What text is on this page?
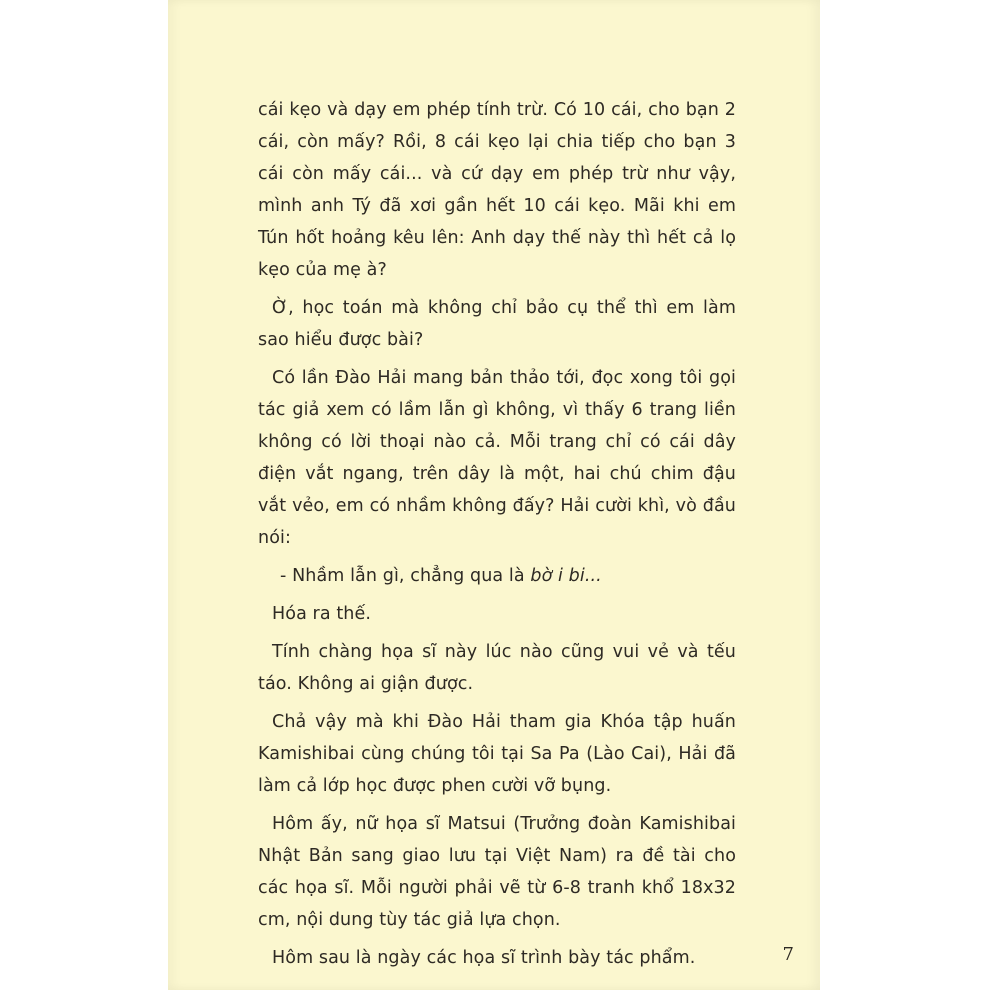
cái kẹo và dạy em phép tính trừ. Có 10 cái, cho bạn 2 cái, còn mấy? Rồi, 8 cái kẹo lại chia tiếp cho bạn 3 cái còn mấy cái... và cứ dạy em phép trừ như vậy, mình anh Tý đã xơi gần hết 10 cái kẹo. Mãi khi em Tún hốt hoảng kêu lên: Anh dạy thế này thì hết cả lọ kẹo của mẹ à?

Ờ, học toán mà không chỉ bảo cụ thể thì em làm sao hiểu được bài?

Có lần Đào Hải mang bản thảo tới, đọc xong tôi gọi tác giả xem có lầm lẫn gì không, vì thấy 6 trang liền không có lời thoại nào cả. Mỗi trang chỉ có cái dây điện vắt ngang, trên dây là một, hai chú chim đậu vắt vẻo, em có nhầm không đấy? Hải cười khì, vò đầu nói:

- Nhầm lẫn gì, chẳng qua là bờ i bi...

Hóa ra thế.

Tính chàng họa sĩ này lúc nào cũng vui vẻ và tếu táo. Không ai giận được.

Chả vậy mà khi Đào Hải tham gia Khóa tập huấn Kamishibai cùng chúng tôi tại Sa Pa (Lào Cai), Hải đã làm cả lớp học được phen cười vỡ bụng.

Hôm ấy, nữ họa sĩ Matsui (Trưởng đoàn Kamishibai Nhật Bản sang giao lưu tại Việt Nam) ra đề tài cho các họa sĩ. Mỗi người phải vẽ từ 6-8 tranh khổ 18x32 cm, nội dung tùy tác giả lựa chọn.

Hôm sau là ngày các họa sĩ trình bày tác phẩm.	7
